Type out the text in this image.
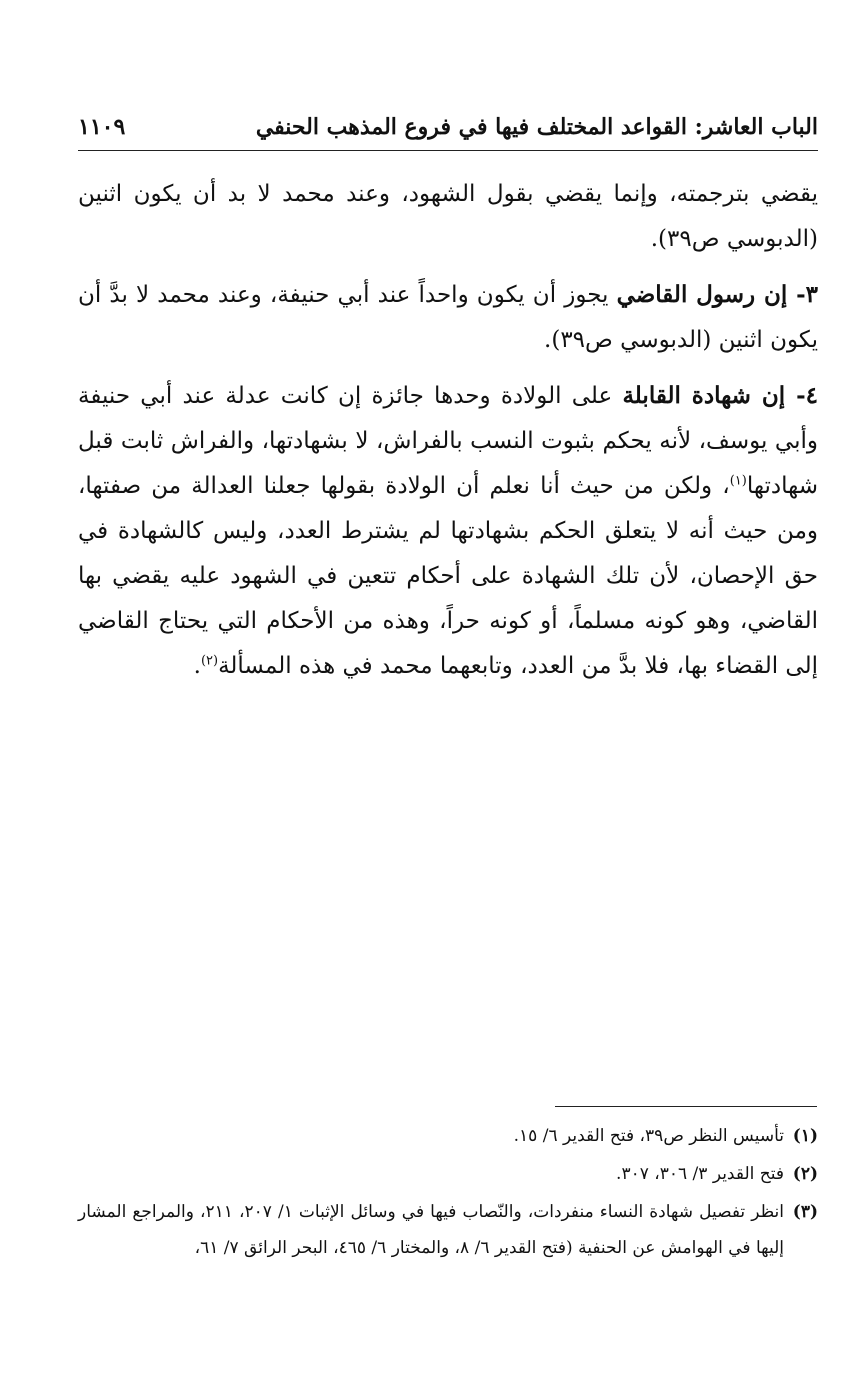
الباب العاشر: القواعد المختلف فيها في فروع المذهب الحنفي
١١٠٩

يقضي بترجمته، وإنما يقضي بقول الشهود، وعند محمد لا بد أن يكون اثنين (الدبوسي ص٣٩).

٣- إن رسول القاضي يجوز أن يكون واحداً عند أبي حنيفة، وعند محمد لا بدَّ أن يكون اثنين (الدبوسي ص٣٩).

٤- إن شهادة القابلة على الولادة وحدها جائزة إن كانت عدلة عند أبي حنيفة وأبي يوسف، لأنه يحكم بثبوت النسب بالفراش، لا بشهادتها، والفراش ثابت قبل شهادتها$^{(١)}$، ولكن من حيث أنا نعلم أن الولادة بقولها جعلنا العدالة من صفتها، ومن حيث أنه لا يتعلق الحكم بشهادتها لم يشترط العدد، وليس كالشهادة في حق الإحصان، لأن تلك الشهادة على أحكام تتعين في الشهود عليه يقضي بها القاضي، وهو كونه مسلماً، أو كونه حراً، وهذه من الأحكام التي يحتاج القاضي إلى القضاء بها، فلا بدَّ من العدد، وتابعهما محمد في هذه المسألة$^{(٢)}$.

(١)
تأسيس النظر ص٣٩، فتح القدير ٦/ ١٥.
(٢)
فتح القدير ٣/ ٣٠٦، ٣٠٧.
(٣)
انظر تفصيل شهادة النساء منفردات، والنّصاب فيها في وسائل الإثبات ١/ ٢٠٧، ٢١١، والمراجع المشار إليها في الهوامش عن الحنفية (فتح القدير ٦/ ٨، والمختار ٦/ ٤٦٥، البحر الرائق ٧/ ٦١،
